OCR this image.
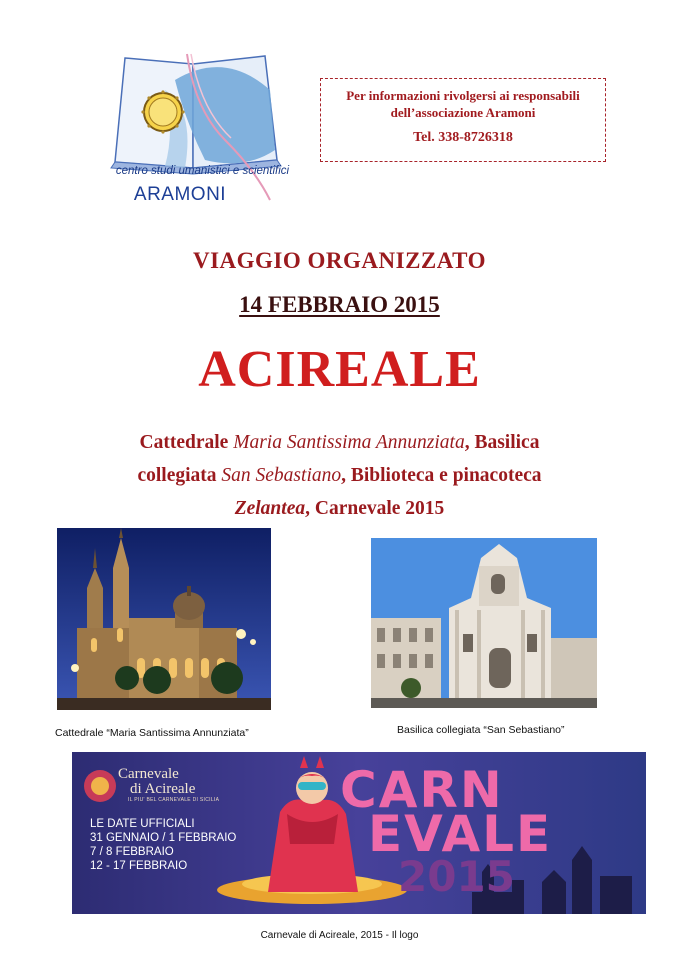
centro studi umanistici e scientifici
ARAMONI
Per informazioni rivolgersi ai responsabili
dell’associazione Aramoni
Tel. 338-8726318
VIAGGIO ORGANIZZATO
14 FEBBRAIO 2015
ACIREALE
Cattedrale Maria Santissima Annunziata, Basilica
collegiata San Sebastiano, Biblioteca e pinacoteca
Zelantea, Carnevale 2015
Cattedrale “Maria Santissima Annunziata”	Basilica collegiata “San Sebastiano”
Carnevale
di Acireale
IL PIU' BEL CARNEVALE DI SICILIA
LE DATE UFFICIALI
31 GENNAIO / 1 FEBBRAIO
7 / 8 FEBBRAIO
12 - 17 FEBBRAIO
CARN
EVALE
2015
Carnevale di Acireale, 2015 - Il logo
